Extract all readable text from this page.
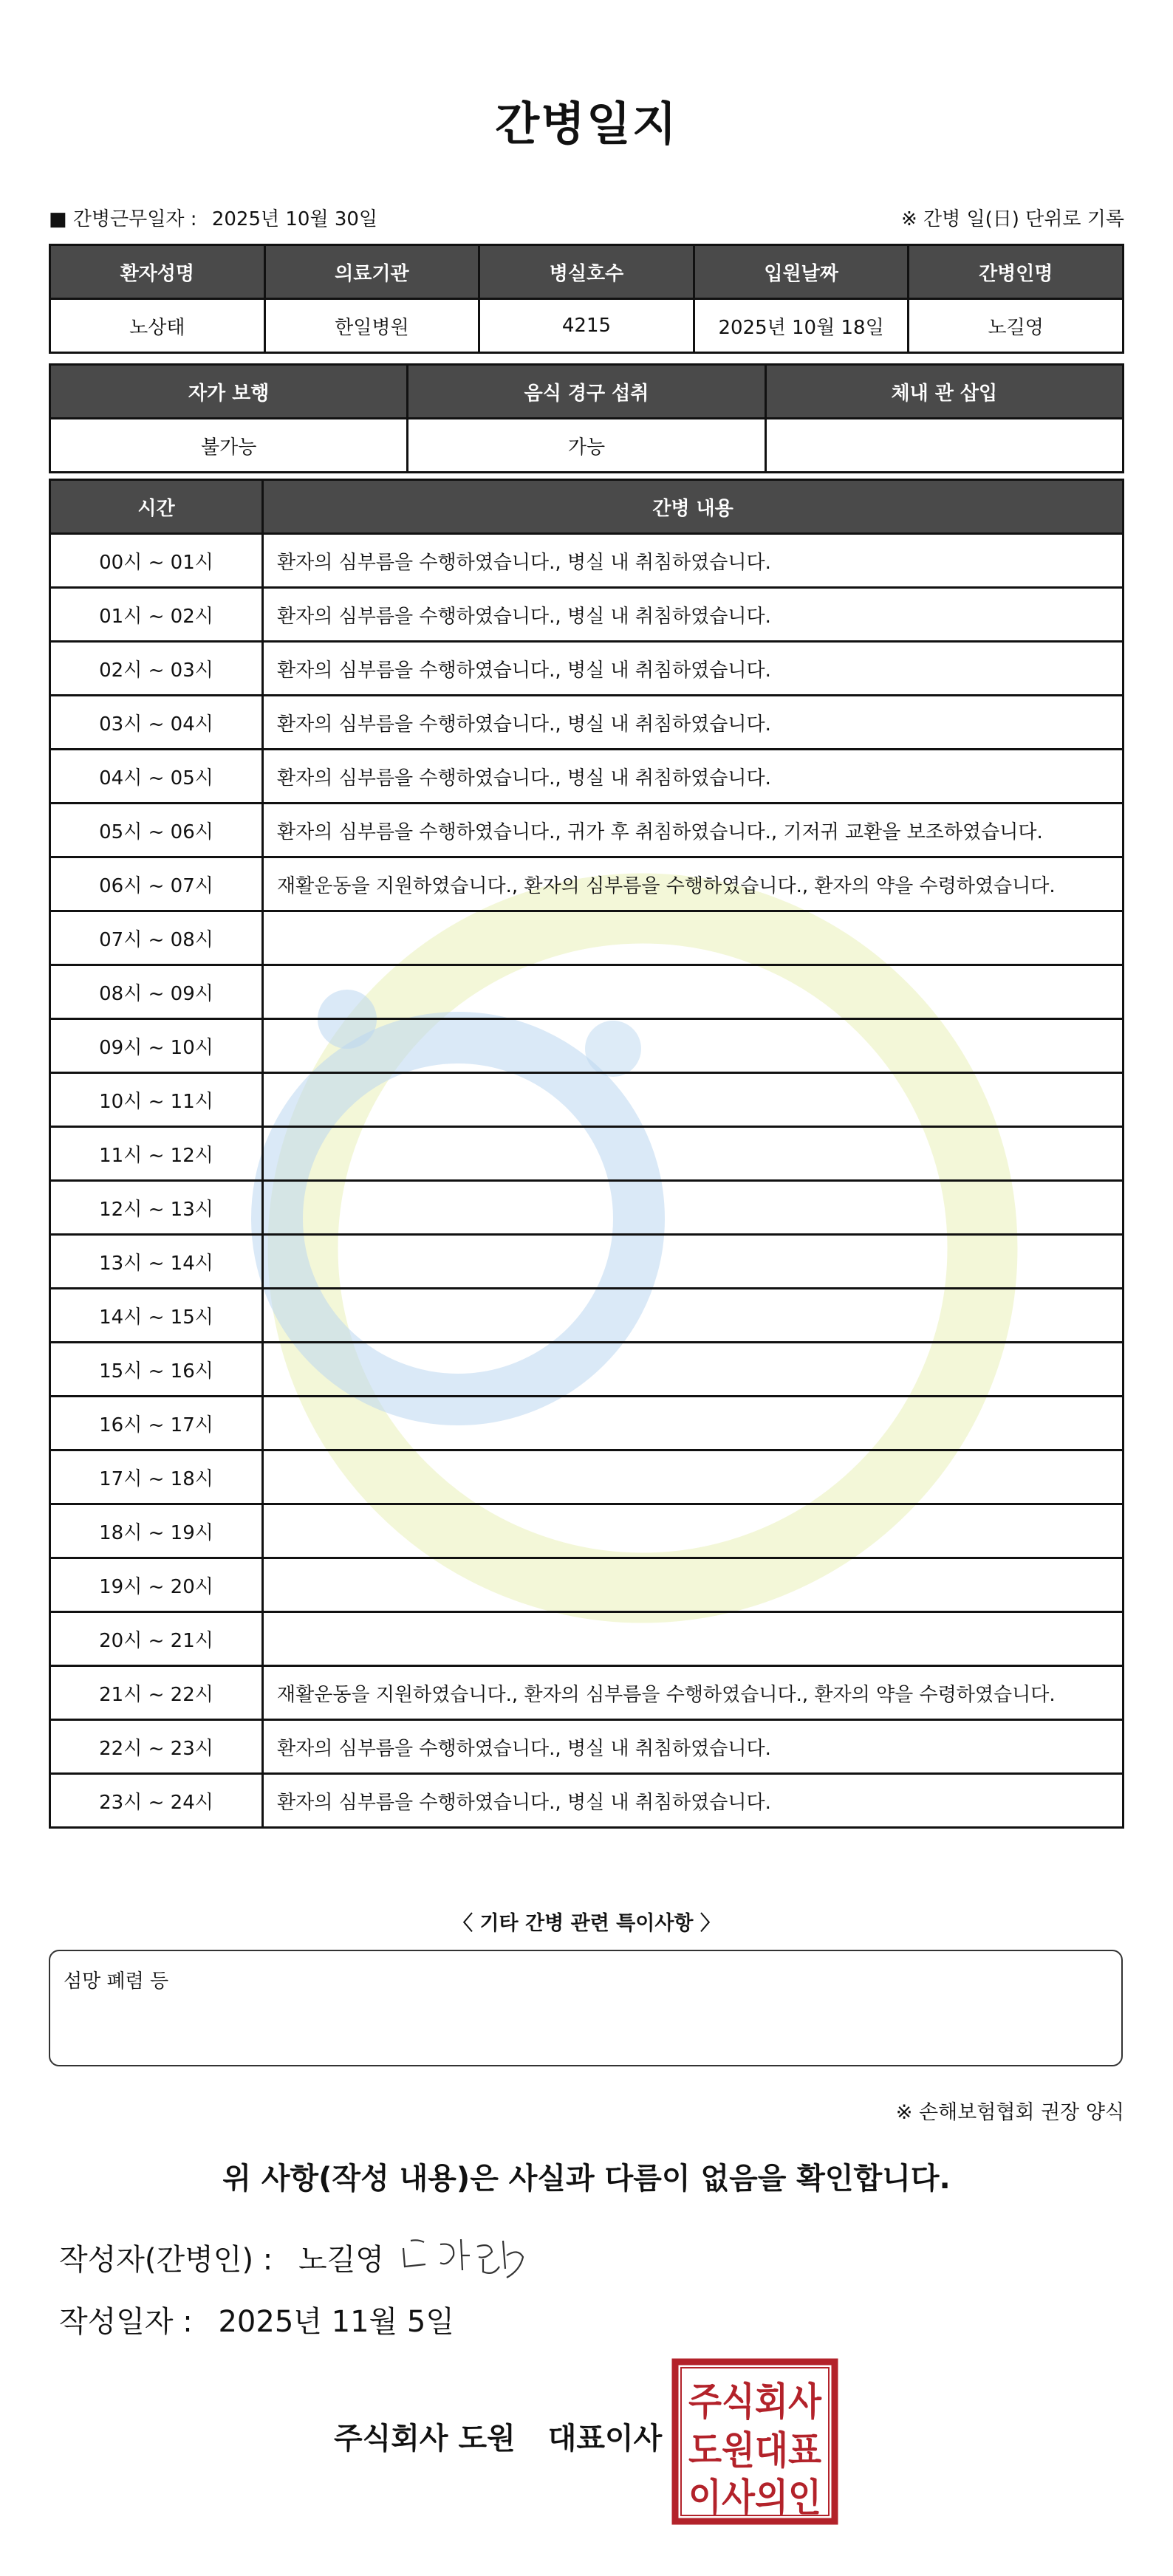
간병일지
■ 간병근무일자 : 2025년 10월 30일	※ 간병 일(日) 단위로 기록
환자성명	의료기관	병실호수	입원날짜	간병인명
노상태	한일병원	4215	2025년 10월 18일	노길영
자가 보행	음식 경구 섭취	체내 관 삽입
불가능	가능	
시간	간병 내용
00시 ~ 01시	환자의 심부름을 수행하였습니다., 병실 내 취침하였습니다.
01시 ~ 02시	환자의 심부름을 수행하였습니다., 병실 내 취침하였습니다.
02시 ~ 03시	환자의 심부름을 수행하였습니다., 병실 내 취침하였습니다.
03시 ~ 04시	환자의 심부름을 수행하였습니다., 병실 내 취침하였습니다.
04시 ~ 05시	환자의 심부름을 수행하였습니다., 병실 내 취침하였습니다.
05시 ~ 06시	환자의 심부름을 수행하였습니다., 귀가 후 취침하였습니다., 기저귀 교환을 보조하였습니다.
06시 ~ 07시	재활운동을 지원하였습니다., 환자의 심부름을 수행하였습니다., 환자의 약을 수령하였습니다.
07시 ~ 08시	
08시 ~ 09시	
09시 ~ 10시	
10시 ~ 11시	
11시 ~ 12시	
12시 ~ 13시	
13시 ~ 14시	
14시 ~ 15시	
15시 ~ 16시	
16시 ~ 17시	
17시 ~ 18시	
18시 ~ 19시	
19시 ~ 20시	
20시 ~ 21시	
21시 ~ 22시	재활운동을 지원하였습니다., 환자의 심부름을 수행하였습니다., 환자의 약을 수령하였습니다.
22시 ~ 23시	환자의 심부름을 수행하였습니다., 병실 내 취침하였습니다.
23시 ~ 24시	환자의 심부름을 수행하였습니다., 병실 내 취침하였습니다.
〈 기타 간병 관련 특이사항 〉
섬망 폐렴 등
※ 손해보험협회 권장 양식
위 사항(작성 내용)은 사실과 다름이 없음을 확인합니다.
작성자(간병인) : 노길영
작성일자 : 2025년 11월 5일
주식회사 도원 대표이사
주식회사
도원대표
이사의인
